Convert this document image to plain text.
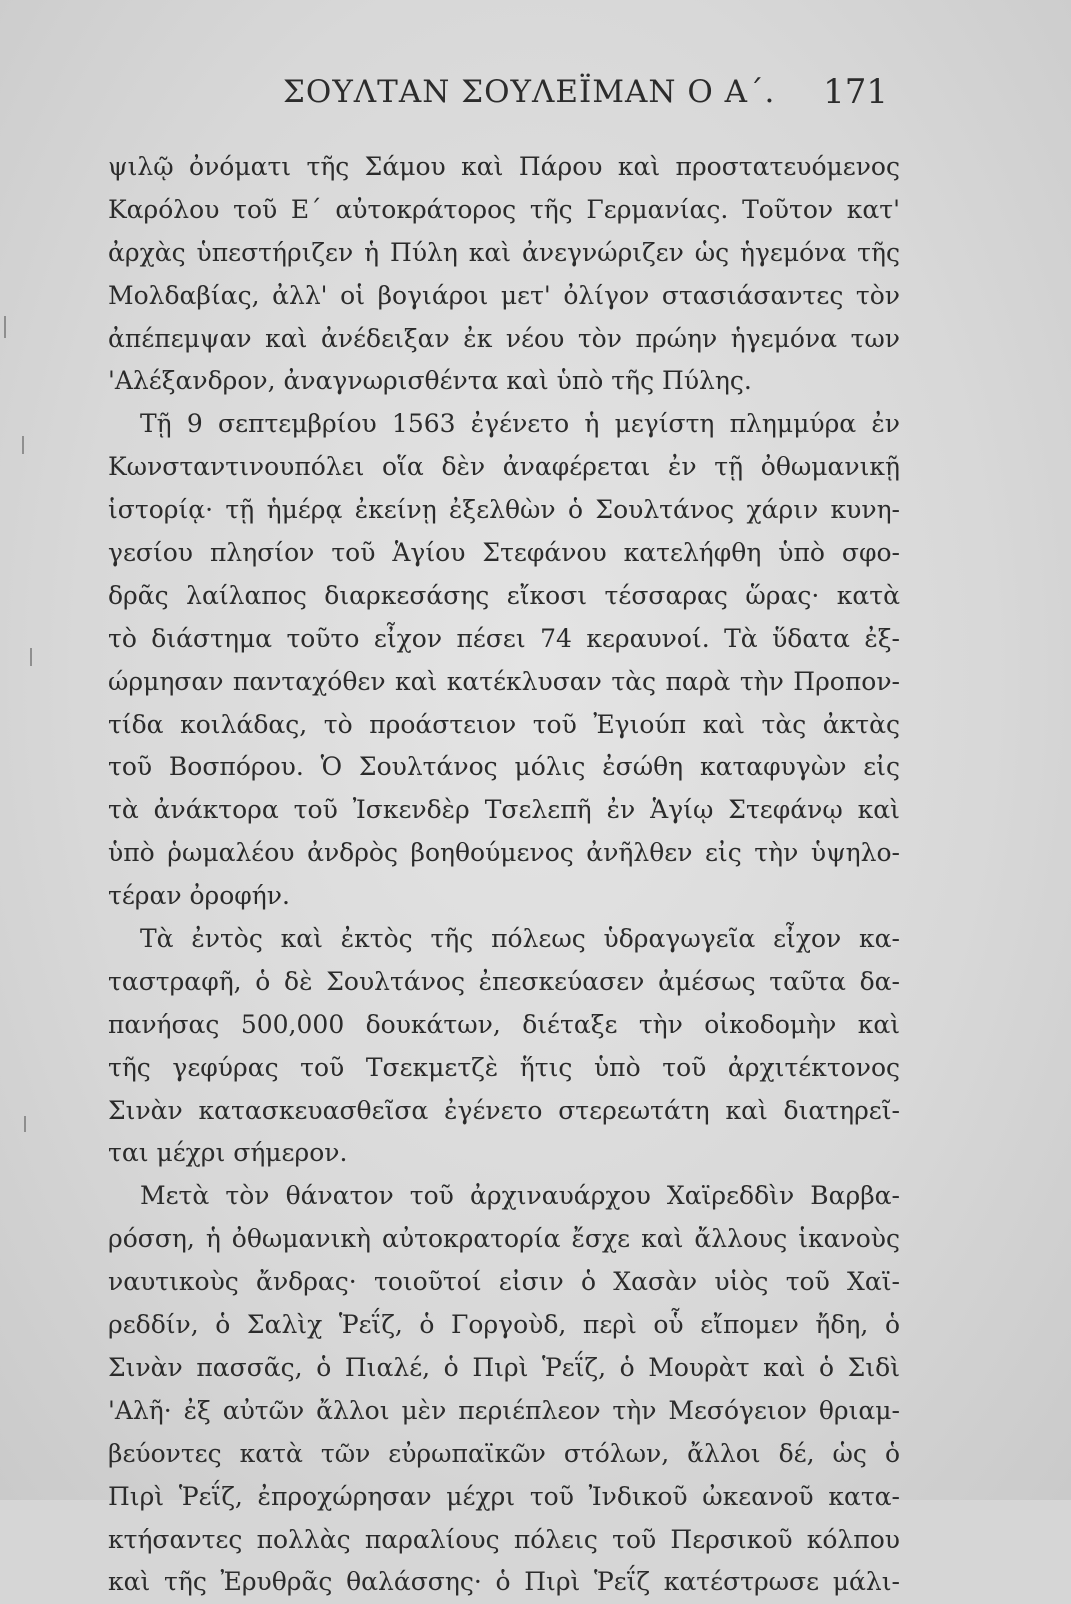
ΣΟΥΛΤΑΝ ΣΟΥΛΕΪΜΑΝ Ο Α΄. 171
ψιλῷ ὀνόματι τῆς Σάμου καὶ Πάρου καὶ προστατευόμενος
Καρόλου τοῦ Ε΄ αὐτοκράτορος τῆς Γερμανίας. Τοῦτον κατ'
ἀρχὰς ὑπεστήριζεν ἡ Πύλη καὶ ἀνεγνώριζεν ὡς ἡγεμόνα τῆς
Μολδαβίας, ἀλλ' οἱ βογιάροι μετ' ὀλίγον στασιάσαντες τὸν
ἀπέπεμψαν καὶ ἀνέδειξαν ἐκ νέου τὸν πρώην ἡγεμόνα των
'Αλέξανδρον, ἀναγνωρισθέντα καὶ ὑπὸ τῆς Πύλης.
Τῇ 9 σεπτεμβρίου 1563 ἐγένετο ἡ μεγίστη πλημμύρα ἐν
Κωνσταντινουπόλει οἵα δὲν ἀναφέρεται ἐν τῇ ὀθωμανικῇ
ἱστορίᾳ· τῇ ἡμέρᾳ ἐκείνῃ ἐξελθὼν ὁ Σουλτάνος χάριν κυνη-
γεσίου πλησίον τοῦ Ἁγίου Στεφάνου κατελήφθη ὑπὸ σφο-
δρᾶς λαίλαπος διαρκεσάσης εἴκοσι τέσσαρας ὥρας· κατὰ
τὸ διάστημα τοῦτο εἶχον πέσει 74 κεραυνοί. Τὰ ὕδατα ἐξ-
ώρμησαν πανταχόθεν καὶ κατέκλυσαν τὰς παρὰ τὴν Προπον-
τίδα κοιλάδας, τὸ προάστειον τοῦ Ἐγιούπ καὶ τὰς ἀκτὰς
τοῦ Βοσπόρου. Ὁ Σουλτάνος μόλις ἐσώθη καταφυγὼν εἰς
τὰ ἀνάκτορα τοῦ Ἰσκενδὲρ Τσελεπῆ ἐν Ἁγίῳ Στεφάνῳ καὶ
ὑπὸ ῥωμαλέου ἀνδρὸς βοηθούμενος ἀνῆλθεν εἰς τὴν ὑψηλο-
τέραν ὀροφήν.
Τὰ ἐντὸς καὶ ἐκτὸς τῆς πόλεως ὑδραγωγεῖα εἶχον κα-
ταστραφῆ, ὁ δὲ Σουλτάνος ἐπεσκεύασεν ἀμέσως ταῦτα δα-
πανήσας 500,000 δουκάτων, διέταξε τὴν οἰκοδομὴν καὶ
τῆς γεφύρας τοῦ Τσεκμετζὲ ἥτις ὑπὸ τοῦ ἀρχιτέκτονος
Σινὰν κατασκευασθεῖσα ἐγένετο στερεωτάτη καὶ διατηρεῖ-
ται μέχρι σήμερον.
Μετὰ τὸν θάνατον τοῦ ἀρχιναυάρχου Χαϊρεδδὶν Βαρβα-
ρόσση, ἡ ὀθωμανικὴ αὐτοκρατορία ἔσχε καὶ ἄλλους ἱκανοὺς
ναυτικοὺς ἄνδρας· τοιοῦτοί εἰσιν ὁ Χασὰν υἱὸς τοῦ Χαϊ-
ρεδδίν, ὁ Σαλὶχ Ῥεΐζ, ὁ Γοργοὺδ, περὶ οὗ εἴπομεν ἤδη, ὁ
Σινὰν πασσᾶς, ὁ Πιαλέ, ὁ Πιρὶ Ῥεΐζ, ὁ Μουρὰτ καὶ ὁ Σιδὶ
'Αλῆ· ἐξ αὐτῶν ἄλλοι μὲν περιέπλεον τὴν Μεσόγειον θριαμ-
βεύοντες κατὰ τῶν εὐρωπαϊκῶν στόλων, ἄλλοι δέ, ὡς ὁ
Πιρὶ Ῥεΐζ, ἐπροχώρησαν μέχρι τοῦ Ἰνδικοῦ ὠκεανοῦ κατα-
κτήσαντες πολλὰς παραλίους πόλεις τοῦ Περσικοῦ κόλπου
καὶ τῆς Ἐρυθρᾶς θαλάσσης· ὁ Πιρὶ Ῥεΐζ κατέστρωσε μάλι-
